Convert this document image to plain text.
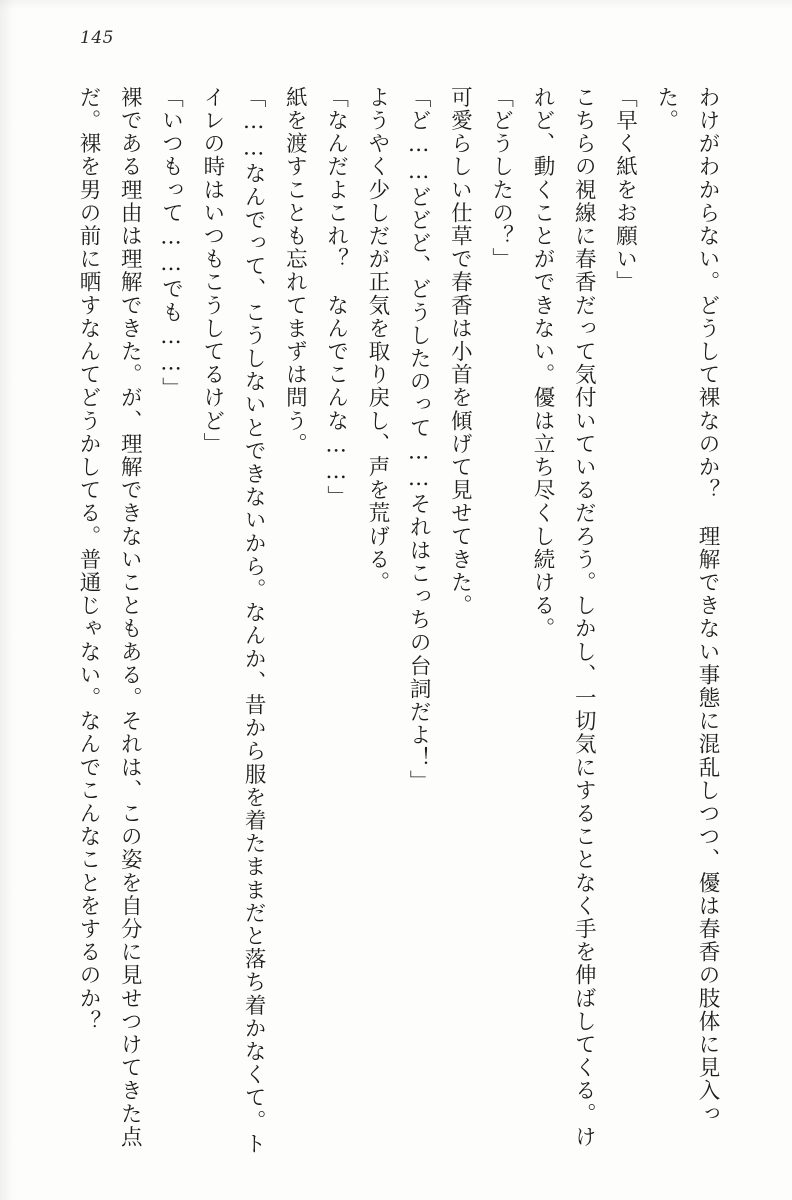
145

わけがわからない。どうして裸なのか？　理解できない事態に混乱しつつ、優は春香の肢体に見入った。

「早く紙をお願い」

こちらの視線に春香だって気付いているだろう。しかし、一切気にすることなく手を伸ばしてくる。けれど、動くことができない。優は立ち尽くし続ける。

「どうしたの？」

可愛らしい仕草で春香は小首を傾げて見せてきた。

「ど……どどど、どうしたのって……それはこっちの台詞だよ！」

ようやく少しだが正気を取り戻し、声を荒げる。

「なんだよこれ？　なんでこんな……」

紙を渡すことも忘れてまずは問う。

「……なんでって、こうしないとできないから。なんか、昔から服を着たままだと落ち着かなくて。トイレの時はいつもこうしてるけど」

「いつもって……でも……」

裸である理由は理解できた。が、理解できないこともある。それは、この姿を自分に見せつけてきた点だ。裸を男の前に晒すなんてどうかしてる。普通じゃない。なんでこんなことをするのか？
